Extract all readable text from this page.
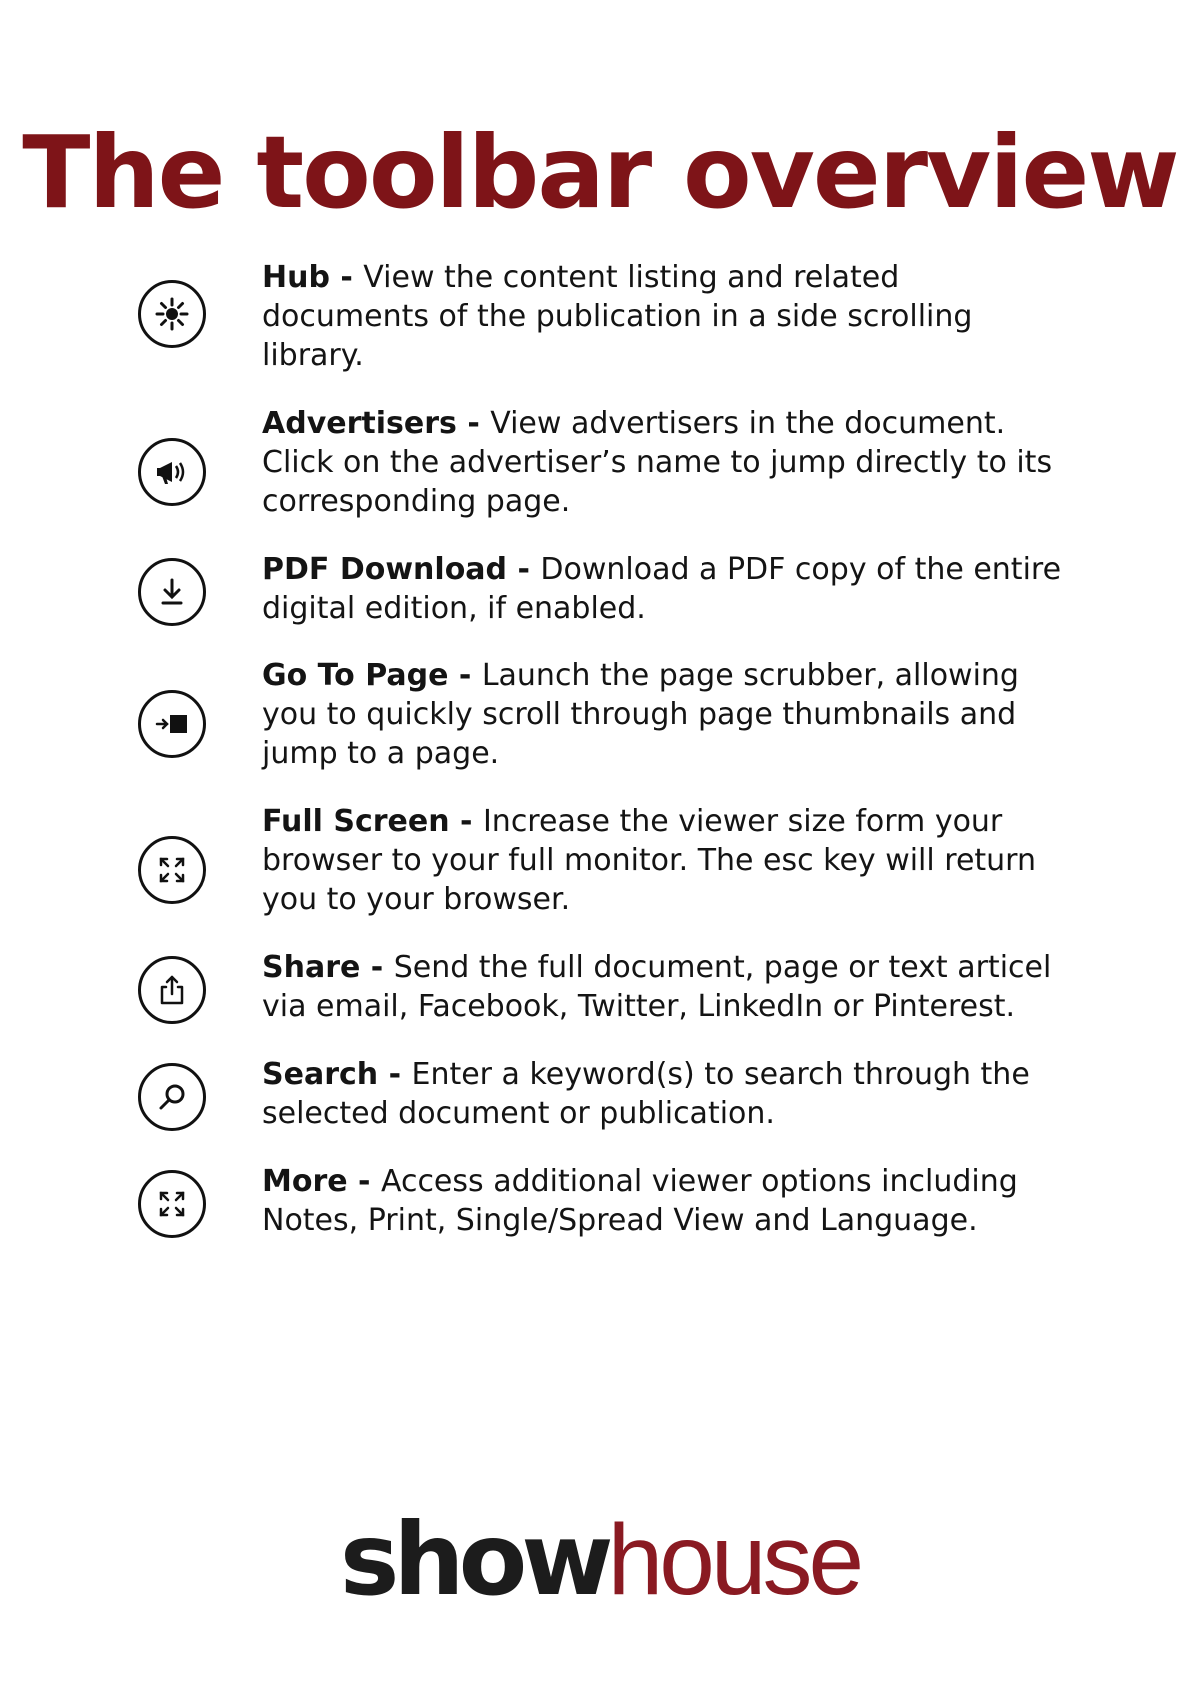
The toolbar overview
Hub - View the content listing and related documents of the publication in a side scrolling library.
Advertisers - View advertisers in the document. Click on the advertiser’s name to jump directly to its corresponding page.
PDF Download - Download a PDF copy of the entire digital edition, if enabled.
Go To Page - Launch the page scrubber, allowing you to quickly scroll through page thumbnails and jump to a page.
Full Screen - Increase the viewer size form your browser to your full monitor. The esc key will return you to your browser.
Share - Send the full document, page or text articel via email, Facebook, Twitter, LinkedIn or Pinterest.
Search - Enter a keyword(s) to search through the selected document or publication.
More - Access additional viewer options including Notes, Print, Single/Spread View and Language.
showhouse
